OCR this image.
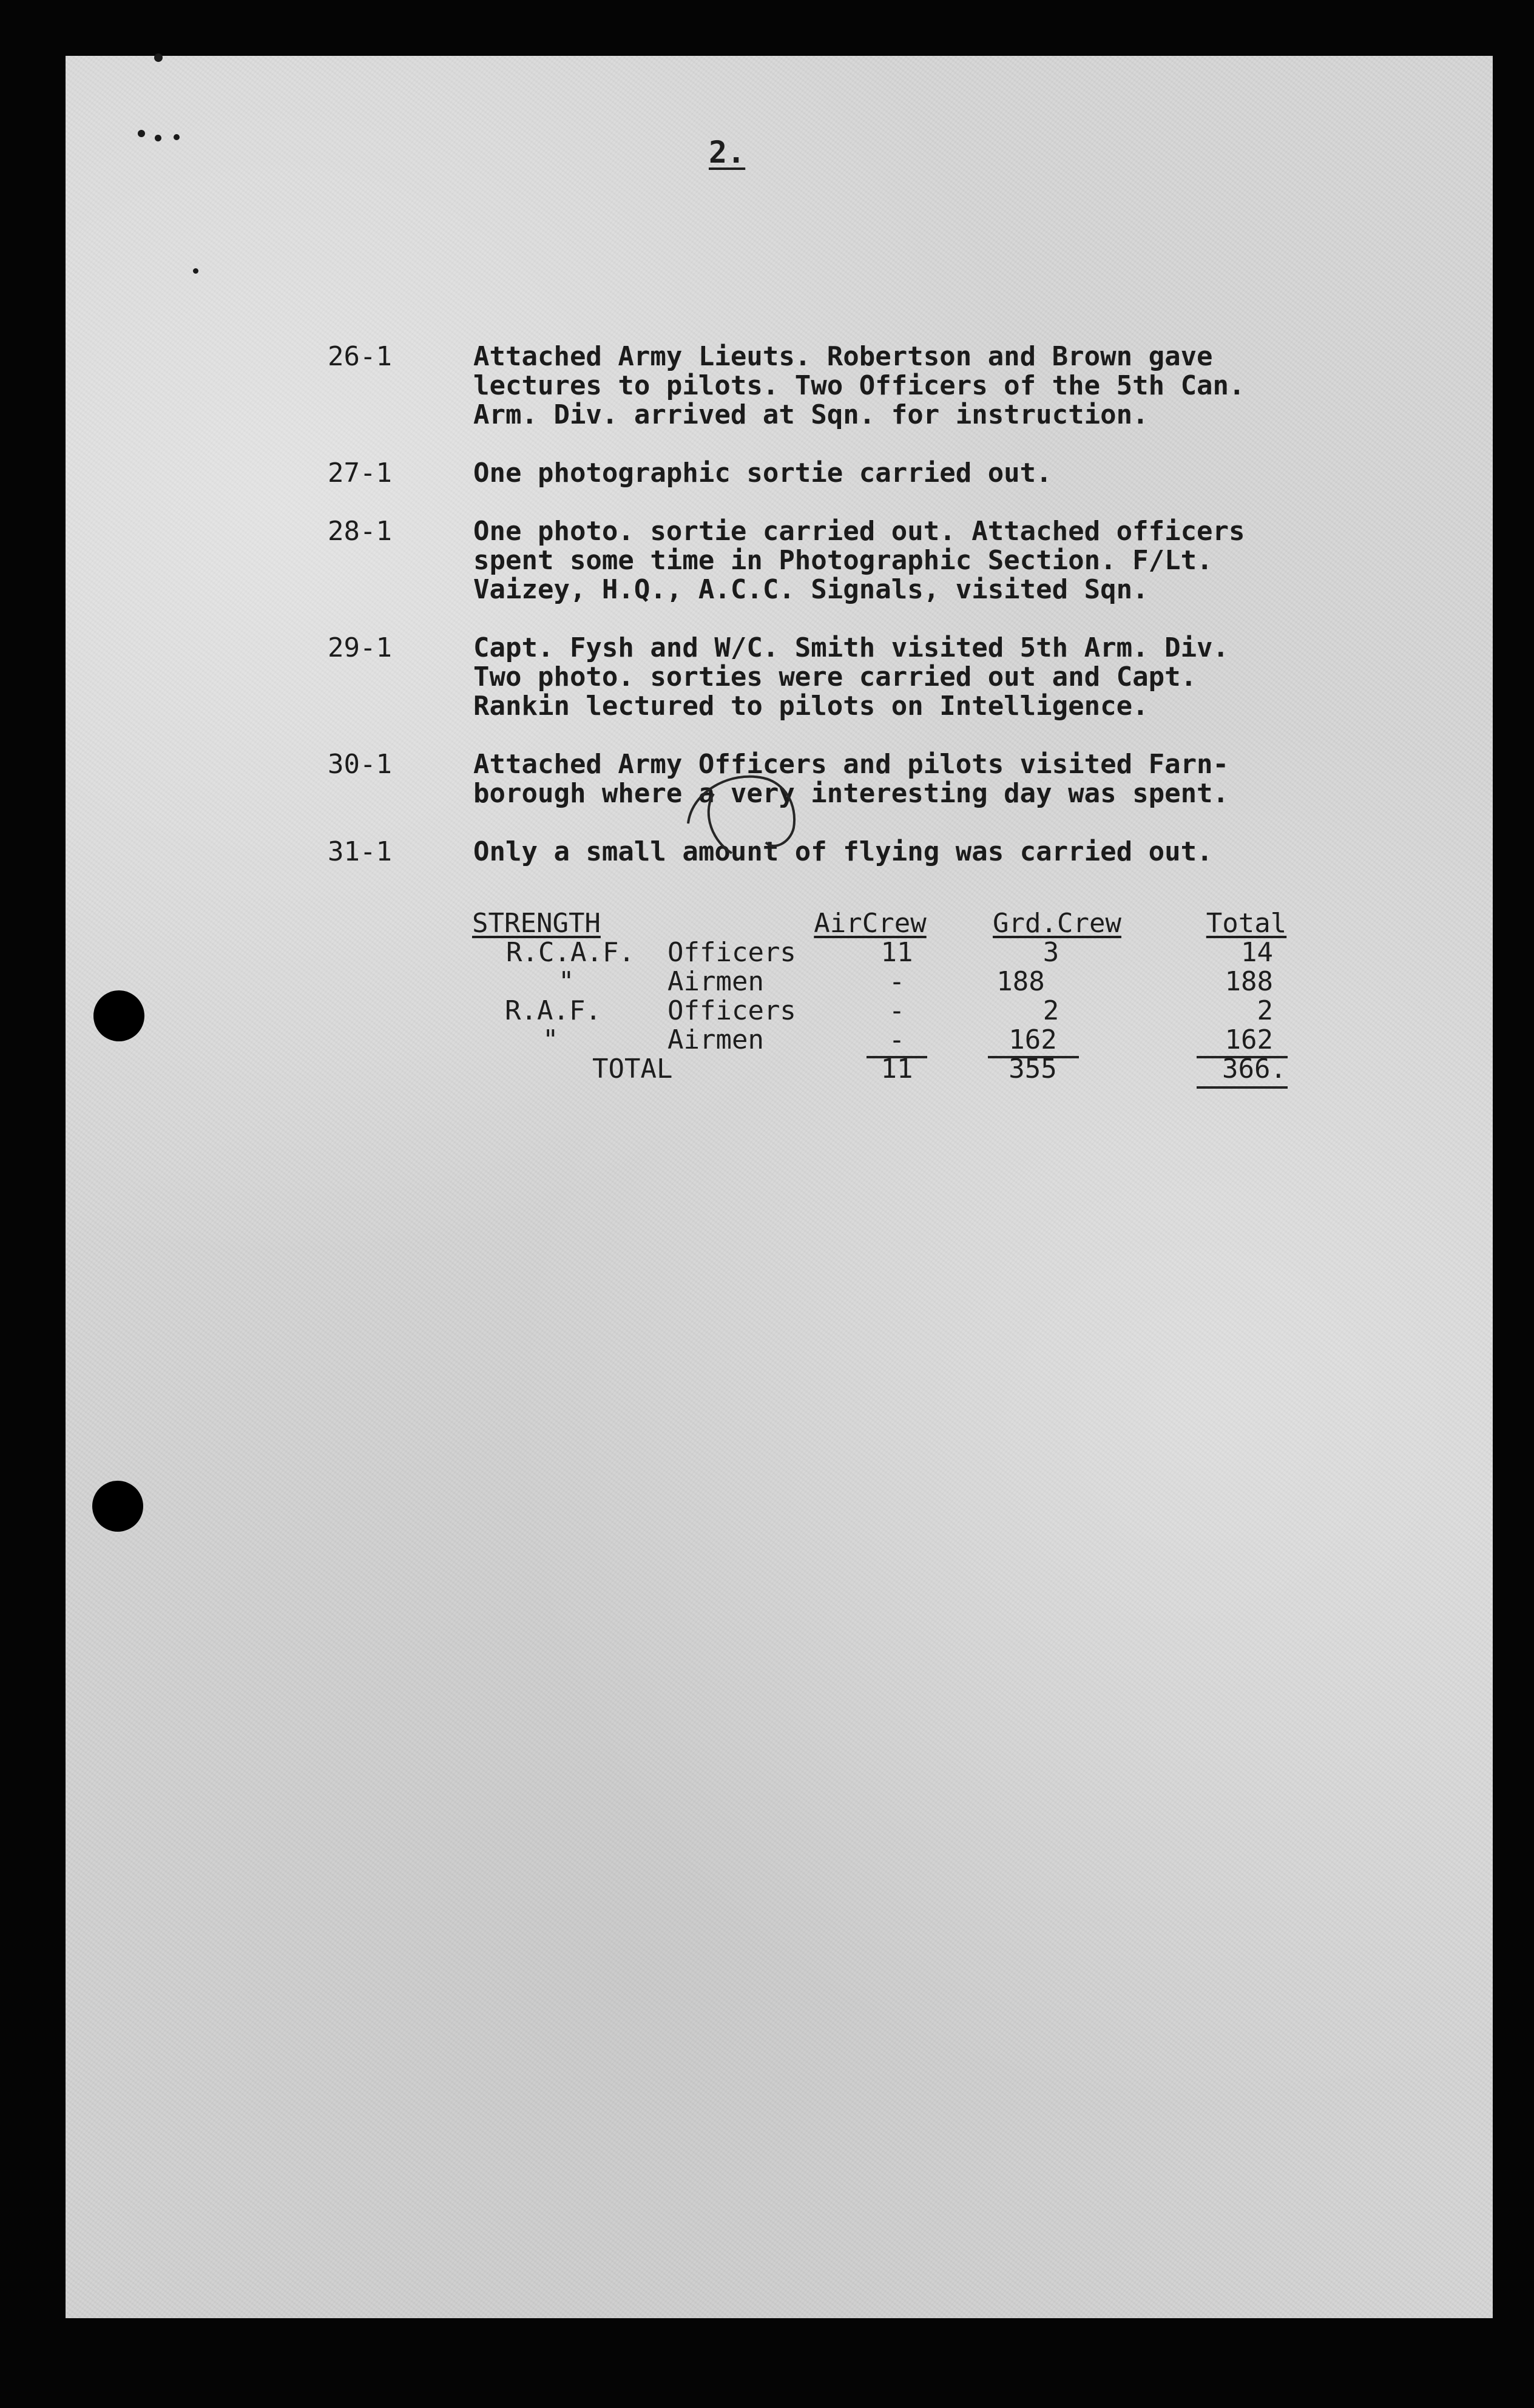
2.
26-1	Attached Army Lieuts. Robertson and Brown gave
lectures to pilots. Two Officers of the 5th Can.
Arm. Div. arrived at Sqn. for instruction.
27-1	One photographic sortie carried out.
28-1	One photo. sortie carried out. Attached officers
spent some time in Photographic Section. F/Lt.
Vaizey, H.Q., A.C.C. Signals, visited Sqn.
29-1	Capt. Fysh and W/C. Smith visited 5th Arm. Div.
Two photo. sorties were carried out and Capt.
Rankin lectured to pilots on Intelligence.
30-1	Attached Army Officers and pilots visited Farn-
borough where a very interesting day was spent.
31-1	Only a small amount of flying was carried out.
STRENGTH	AirCrew Grd.Crew	Total
R.C.A.F. Officers	11	3	14
"	Airmen	-	188	188
R.A.F. Officers	-	2	2
"	Airmen	-	162	162
TOTAL	11	355	366.
